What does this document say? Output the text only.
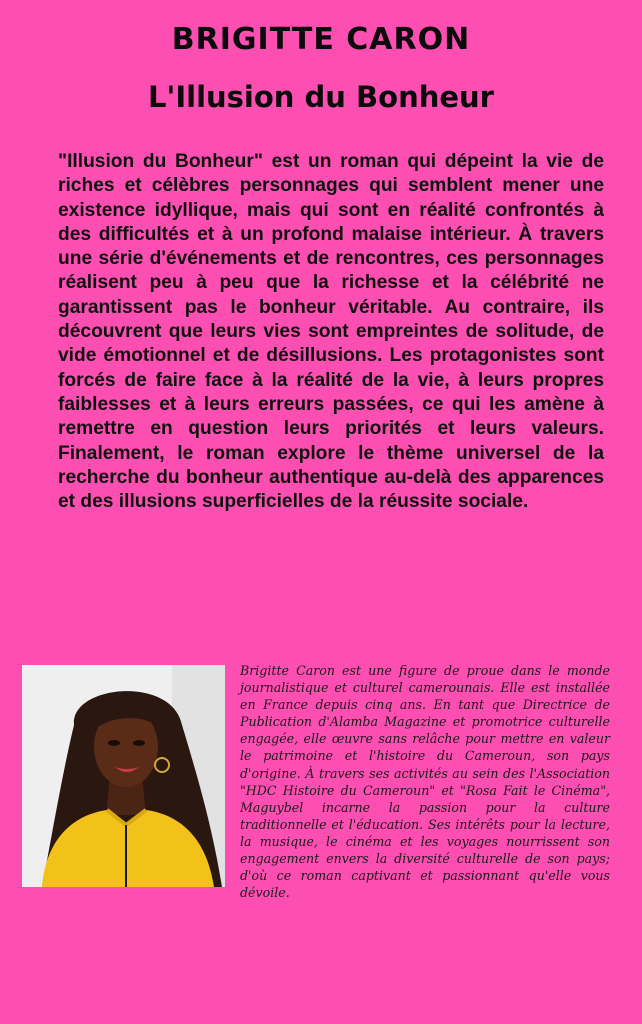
BRIGITTE CARON
L'Illusion du Bonheur

"Illusion du Bonheur" est un roman qui dépeint la vie de riches et célèbres personnages qui semblent mener une existence idyllique, mais qui sont en réalité confrontés à des difficultés et à un profond malaise intérieur. À travers une série d'événements et de rencontres, ces personnages réalisent peu à peu que la richesse et la célébrité ne garantissent pas le bonheur véritable. Au contraire, ils découvrent que leurs vies sont empreintes de solitude, de vide émotionnel et de désillusions. Les protagonistes sont forcés de faire face à la réalité de la vie, à leurs propres faiblesses et à leurs erreurs passées, ce qui les amène à remettre en question leurs priorités et leurs valeurs. Finalement, le roman explore le thème universel de la recherche du bonheur authentique au-delà des apparences et des illusions superficielles de la réussite sociale.

Brigitte Caron est une figure de proue dans le monde journalistique et culturel camerounais. Elle est installée en France depuis cinq ans. En tant que Directrice de Publication d'Alamba Magazine et promotrice culturelle engagée, elle œuvre sans relâche pour mettre en valeur le patrimoine et l'histoire du Cameroun, son pays d'origine. À travers ses activités au sein des l'Association "HDC Histoire du Cameroun" et "Rosa Fait le Cinéma", Maguybel incarne la passion pour la culture traditionnelle et l'éducation. Ses intérêts pour la lecture, la musique, le cinéma et les voyages nourrissent son engagement envers la diversité culturelle de son pays; d'où ce roman captivant et passionnant qu'elle vous dévoile.
